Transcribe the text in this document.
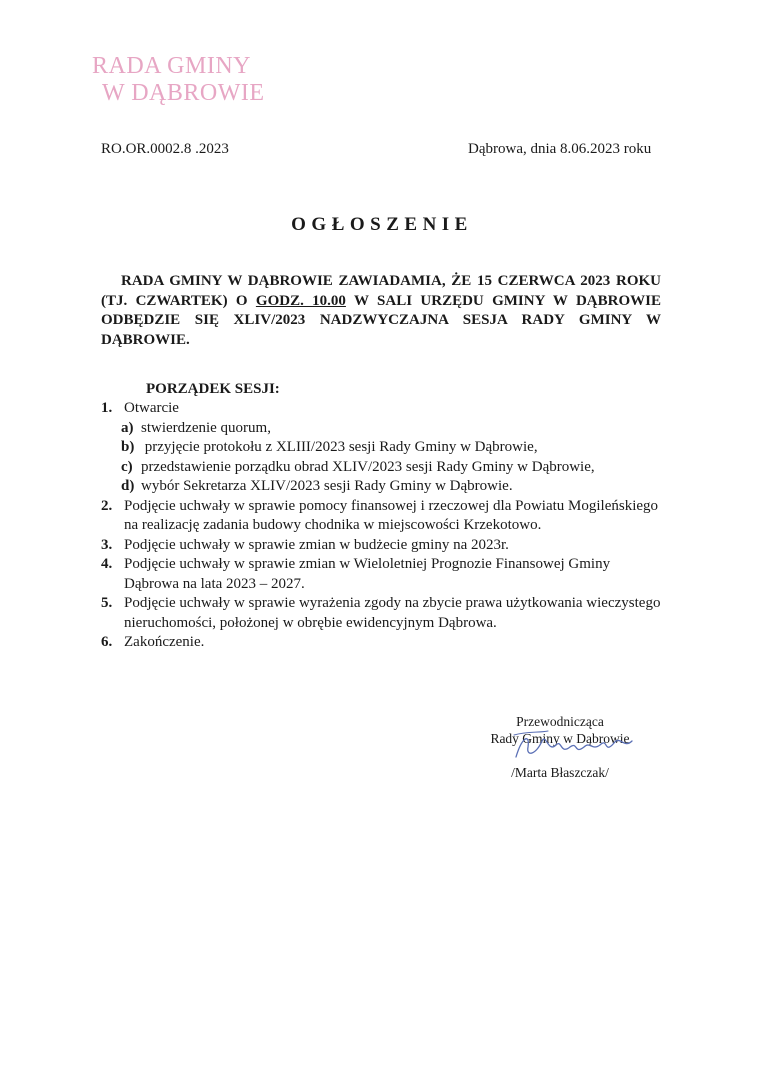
RADA GMINY
W DĄBROWIE
RO.OR.0002.8 .2023	Dąbrowa, dnia 8.06.2023 roku
OGŁOSZENIE
RADA GMINY W DĄBROWIE ZAWIADAMIA, ŻE 15 CZERWCA 2023 ROKU (TJ. CZWARTEK) O GODZ. 10.00 W SALI URZĘDU GMINY W DĄBROWIE ODBĘDZIE SIĘ XLIV/2023 NADZWYCZAJNA SESJA RADY GMINY W DĄBROWIE.
PORZĄDEK SESJI:
1. Otwarcie
a) stwierdzenie quorum,
b) przyjęcie protokołu z XLIII/2023 sesji Rady Gminy w Dąbrowie,
c) przedstawienie porządku obrad XLIV/2023 sesji Rady Gminy w Dąbrowie,
d) wybór Sekretarza XLIV/2023 sesji Rady Gminy w Dąbrowie.
2. Podjęcie uchwały w sprawie pomocy finansowej i rzeczowej dla Powiatu Mogileńskiego na realizację zadania budowy chodnika w miejscowości Krzekotowo.
3. Podjęcie uchwały w sprawie zmian w budżecie gminy na 2023r.
4. Podjęcie uchwały w sprawie zmian w Wieloletniej Prognozie Finansowej Gminy Dąbrowa na lata 2023 – 2027.
5. Podjęcie uchwały w sprawie wyrażenia zgody na zbycie prawa użytkowania wieczystego nieruchomości, położonej w obrębie ewidencyjnym Dąbrowa.
6. Zakończenie.
Przewodnicząca
Rady Gminy w Dąbrowie
/Marta Błaszczak/
